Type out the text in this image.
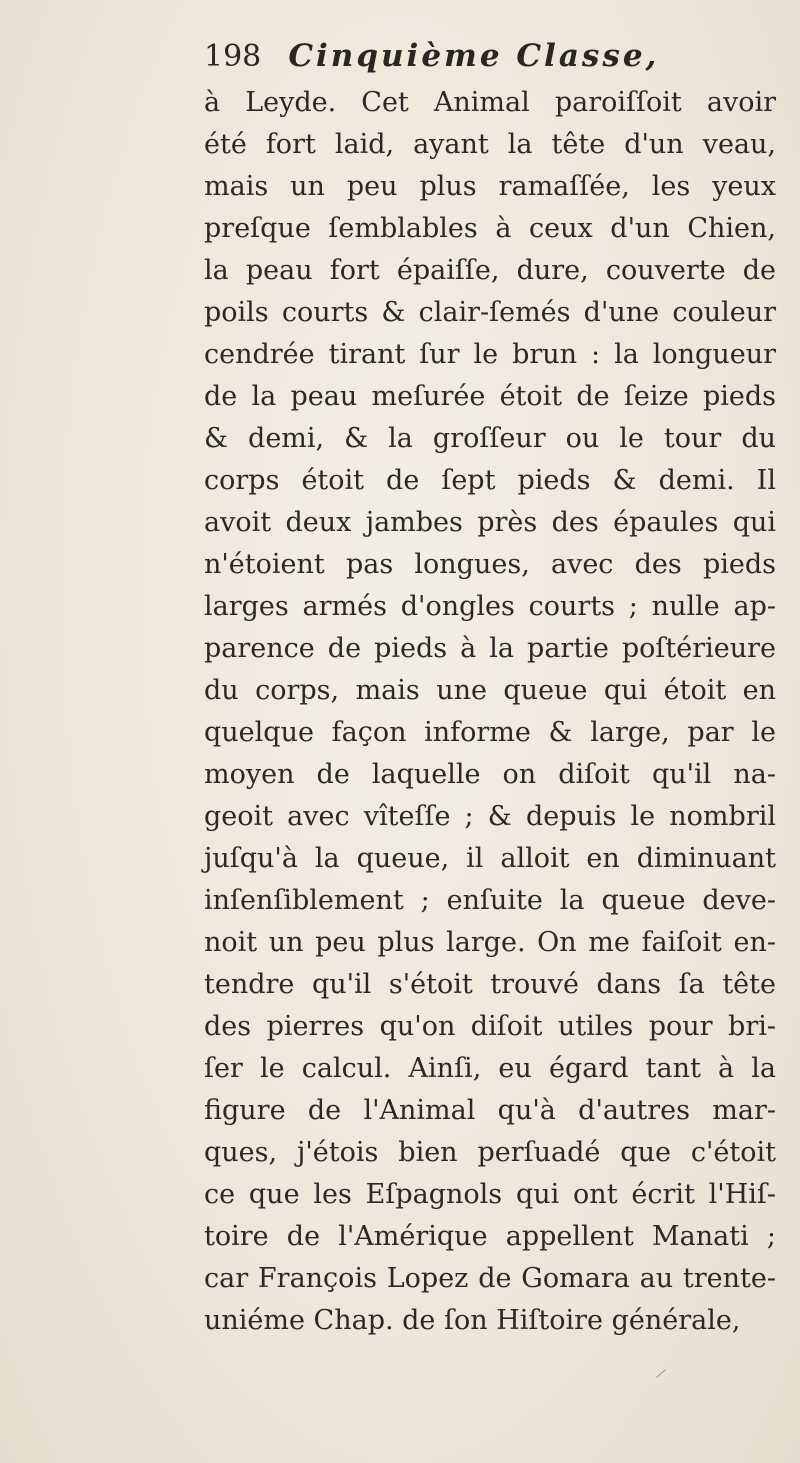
198 Cinquième Classe,
à Leyde. Cet Animal paroiſſoit avoir
été fort laid, ayant la tête d'un veau,
mais un peu plus ramaſſée, les yeux
preſque ſemblables à ceux d'un Chien,
la peau fort épaiſſe, dure, couverte de
poils courts & clair-ſemés d'une couleur
cendrée tirant ſur le brun : la longueur
de la peau meſurée étoit de ſeize pieds
& demi, & la groſſeur ou le tour du
corps étoit de ſept pieds & demi. Il
avoit deux jambes près des épaules qui
n'étoient pas longues, avec des pieds
larges armés d'ongles courts ; nulle ap-
parence de pieds à la partie poſtérieure
du corps, mais une queue qui étoit en
quelque façon informe & large, par le
moyen de laquelle on diſoit qu'il na-
geoit avec vîteſſe ; & depuis le nombril
juſqu'à la queue, il alloit en diminuant
inſenſiblement ; enſuite la queue deve-
noit un peu plus large. On me faiſoit en-
tendre qu'il s'étoit trouvé dans ſa tête
des pierres qu'on diſoit utiles pour bri-
ſer le calcul. Ainſi, eu égard tant à la
figure de l'Animal qu'à d'autres mar-
ques, j'étois bien perſuadé que c'étoit
ce que les Eſpagnols qui ont écrit l'Hiſ-
toire de l'Amérique appellent Manati ;
car François Lopez de Gomara au trente-
uniéme Chap. de ſon Hiſtoire générale,
